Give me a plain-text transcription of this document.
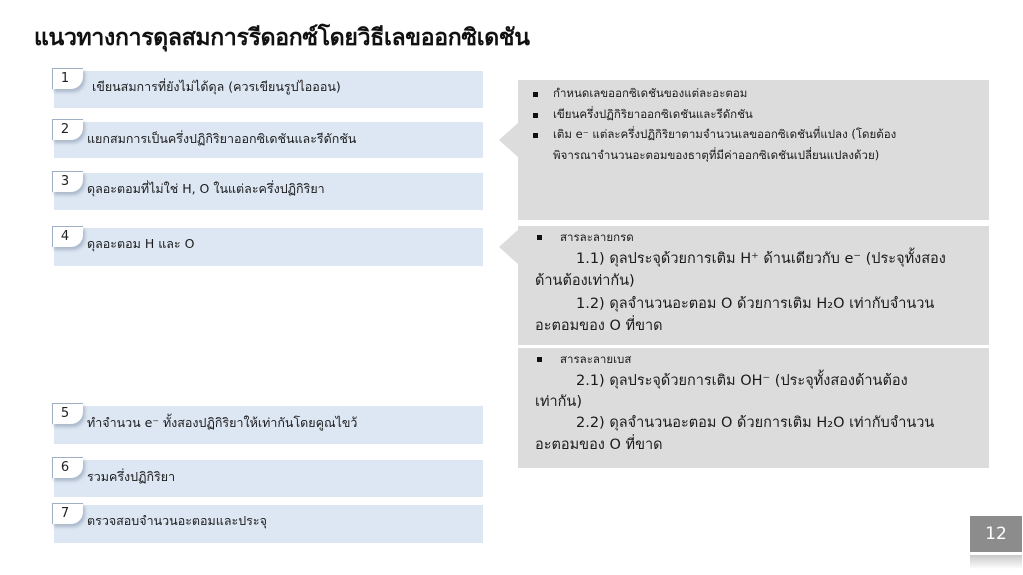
แนวทางการดุลสมการรีดอกซ์โดยวิธีเลขออกซิเดชัน
เขียนสมการที่ยังไม่ได้ดุล (ควรเขียนรูปไอออน)
1
แยกสมการเป็นครึ่งปฏิกิริยาออกซิเดชันและรีดักชัน
2
ดุลอะตอมที่ไม่ใช่ H, O ในแต่ละครึ่งปฏิกิริยา
3
ดุลอะตอม H และ O
4
ทำจำนวน e⁻ ทั้งสองปฏิกิริยาให้เท่ากันโดยคูณไขว้
5
รวมครึ่งปฏิกิริยา
6
ตรวจสอบจำนวนอะตอมและประจุ
7
กำหนดเลขออกซิเดชันของแต่ละอะตอม
เขียนครึ่งปฏิกิริยาออกซิเดชันและรีดักชัน
เติม e⁻ แต่ละครึ่งปฏิกิริยาตามจำนวนเลขออกซิเดชันที่แปลง (โดยต้อง
พิจารณาจำนวนอะตอมของธาตุที่มีค่าออกซิเดชันเปลี่ยนแปลงด้วย)
สารละลายกรด
1.1) ดุลประจุด้วยการเติม H⁺ ด้านเดียวกับ e⁻ (ประจุทั้งสอง
ด้านต้องเท่ากัน)
1.2) ดุลจำนวนอะตอม O ด้วยการเติม H₂O เท่ากับจำนวน
อะตอมของ O ที่ขาด
สารละลายเบส
2.1) ดุลประจุด้วยการเติม OH⁻ (ประจุทั้งสองด้านต้อง
เท่ากัน)
2.2) ดุลจำนวนอะตอม O ด้วยการเติม H₂O เท่ากับจำนวน
อะตอมของ O ที่ขาด
12
